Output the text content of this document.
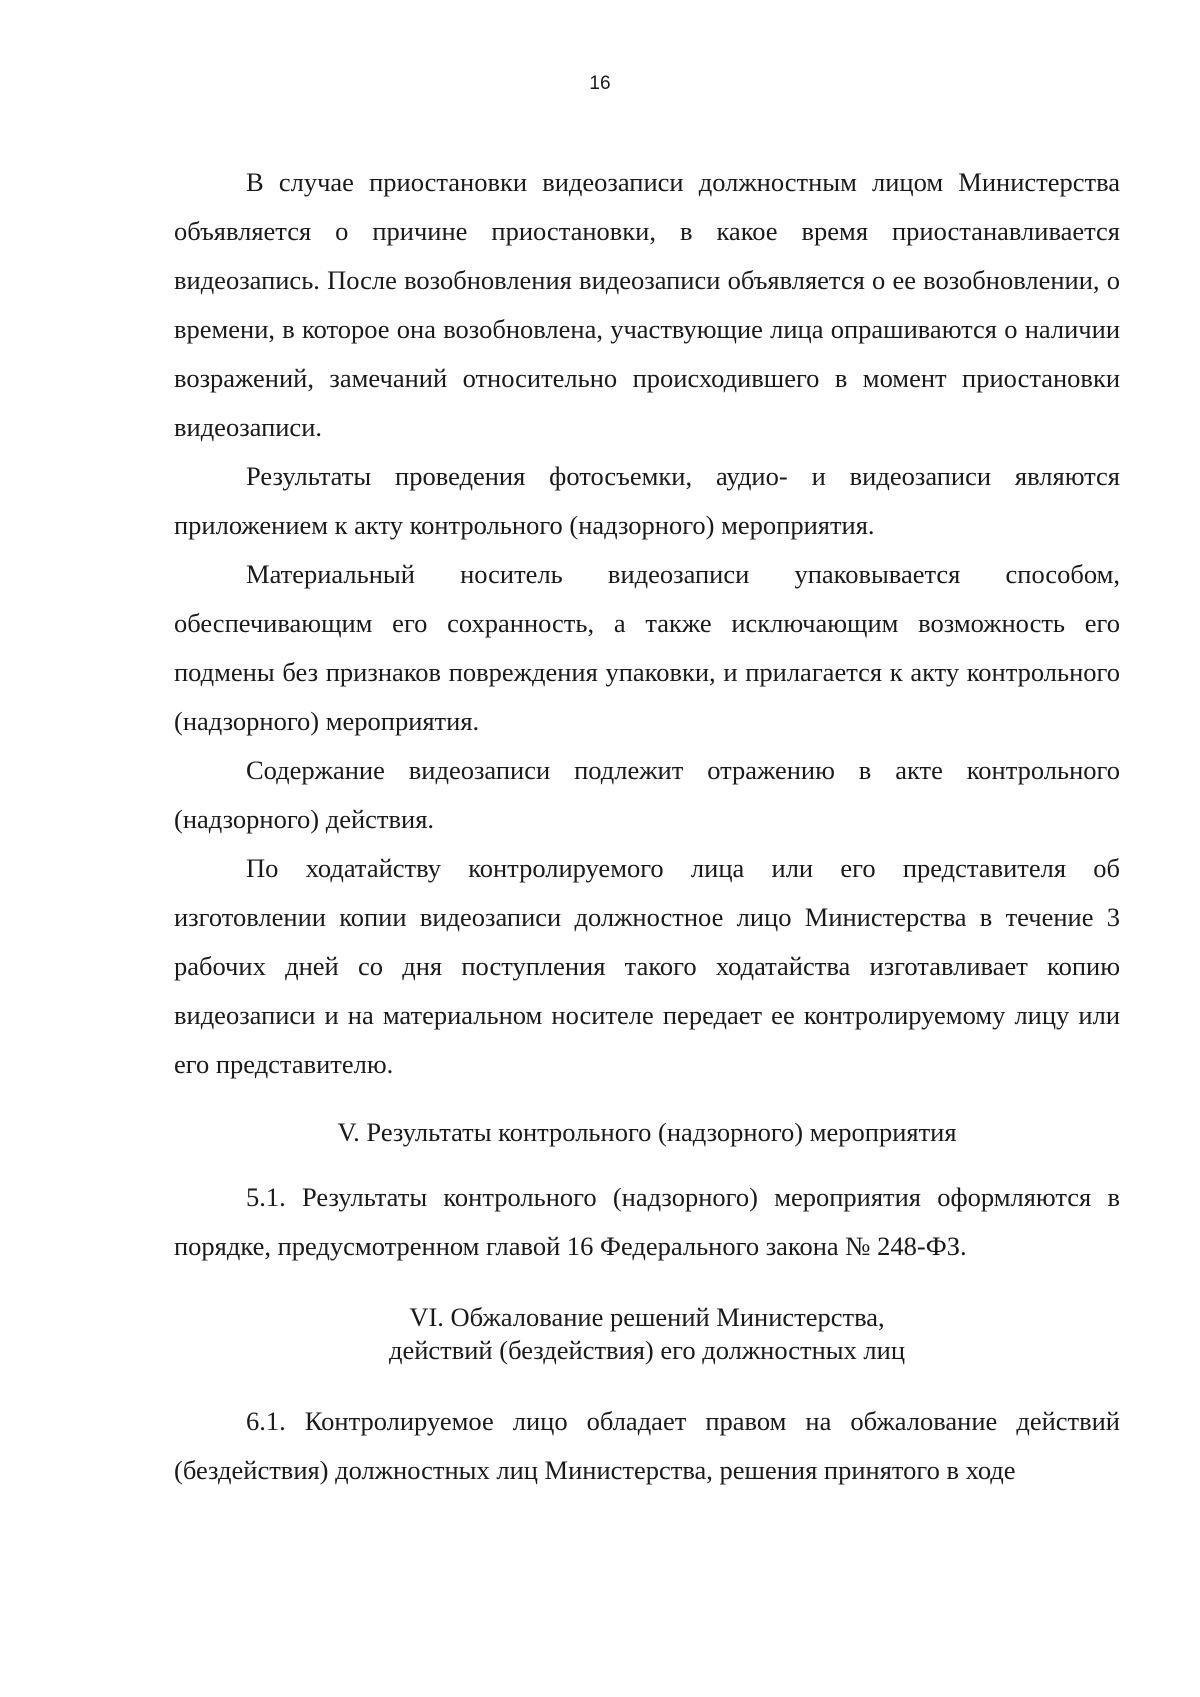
16

В случае приостановки видеозаписи должностным лицом Министерства объявляется о причине приостановки, в какое время приостанавливается видеозапись. После возобновления видеозаписи объявляется о ее возобновлении, о времени, в которое она возобновлена, участвующие лица опрашиваются о наличии возражений, замечаний относительно происходившего в момент приостановки видеозаписи.

Результаты проведения фотосъемки, аудио- и видеозаписи являются приложением к акту контрольного (надзорного) мероприятия.

Материальный носитель видеозаписи упаковывается способом, обеспечивающим его сохранность, а также исключающим возможность его подмены без признаков повреждения упаковки, и прилагается к акту контрольного (надзорного) мероприятия.

Содержание видеозаписи подлежит отражению в акте контрольного (надзорного) действия.

По ходатайству контролируемого лица или его представителя об изготовлении копии видеозаписи должностное лицо Министерства в течение 3 рабочих дней со дня поступления такого ходатайства изготавливает копию видеозаписи и на материальном носителе передает ее контролируемому лицу или его представителю.

V. Результаты контрольного (надзорного) мероприятия

5.1. Результаты контрольного (надзорного) мероприятия оформляются в порядке, предусмотренном главой 16 Федерального закона № 248-ФЗ.

VI. Обжалование решений Министерства,
действий (бездействия) его должностных лиц

6.1. Контролируемое лицо обладает правом на обжалование действий (бездействия) должностных лиц Министерства, решения принятого в ходе
